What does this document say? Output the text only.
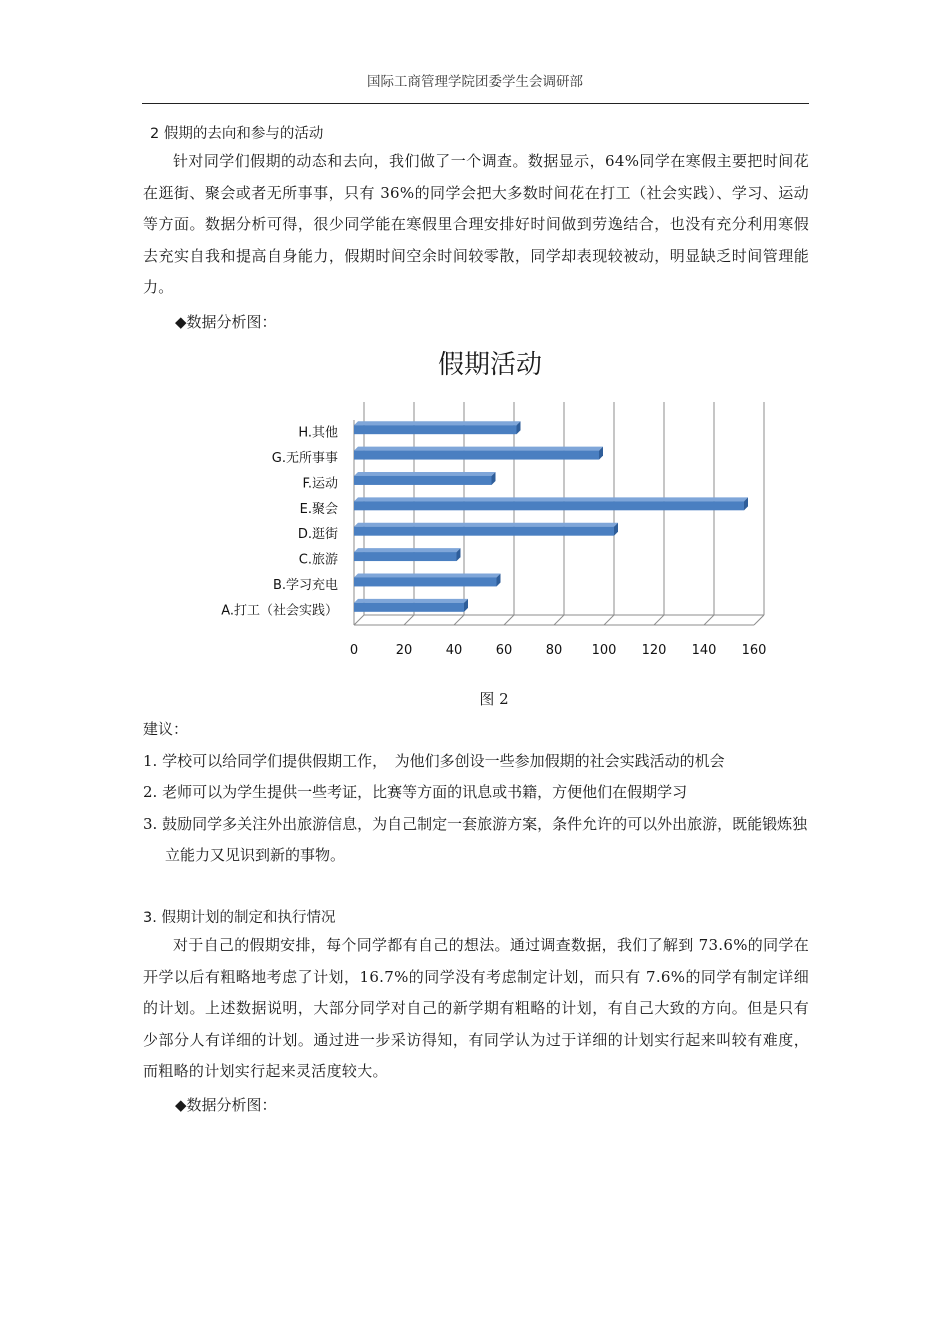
国际工商管理学院团委学生会调研部
2 假期的去向和参与的活动
针对同学们假期的动态和去向，我们做了一个调查。数据显示，64%同学在寒假主要把时间花在逛街、聚会或者无所事事，只有 36%的同学会把大多数时间花在打工（社会实践）、学习、运动等方面。数据分析可得，很少同学能在寒假里合理安排好时间做到劳逸结合，也没有充分利用寒假去充实自我和提高自身能力，假期时间空余时间较零散，同学却表现较被动，明显缺乏时间管理能力。
◆数据分析图：
假期活动
0	20	40	60	80 100 120 140 160
A.打工（社会实践）
B.学习充电
C.旅游
D.逛街
E.聚会
F.运动
G.无所事事
H.其他
图 2
建议：
1. 学校可以给同学们提供假期工作，　为他们多创设一些参加假期的社会实践活动的机会
2. 老师可以为学生提供一些考证，比赛等方面的讯息或书籍，方便他们在假期学习
3. 鼓励同学多关注外出旅游信息，为自己制定一套旅游方案，条件允许的可以外出旅游，既能锻炼独立能力又见识到新的事物。
3. 假期计划的制定和执行情况
对于自己的假期安排，每个同学都有自己的想法。通过调查数据，我们了解到 73.6%的同学在开学以后有粗略地考虑了计划，16.7%的同学没有考虑制定计划，而只有 7.6%的同学有制定详细的计划。上述数据说明，大部分同学对自己的新学期有粗略的计划，有自己大致的方向。但是只有少部分人有详细的计划。通过进一步采访得知，有同学认为过于详细的计划实行起来叫较有难度，而粗略的计划实行起来灵活度较大。
◆数据分析图：
